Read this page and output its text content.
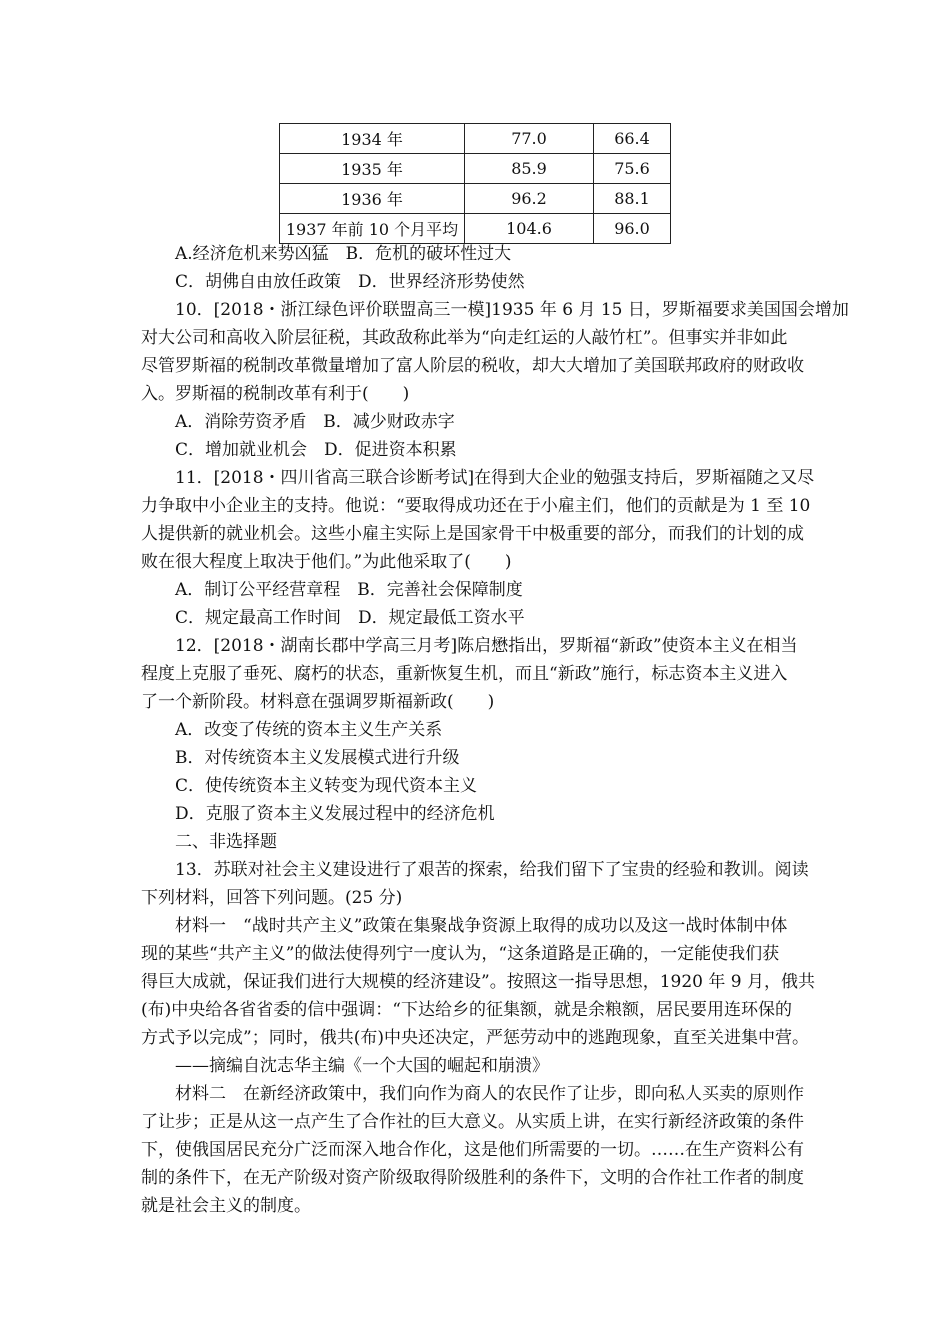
1934 年	77.0	66.4
1935 年	85.9	75.6
1936 年	96.2	88.1
1937 年前 10 个月平均	104.6	96.0
A.经济危机来势凶猛　B．危机的破坏性过大
C．胡佛自由放任政策　D．世界经济形势使然
10．[2018・浙江绿色评价联盟高三一模]1935 年 6 月 15 日，罗斯福要求美国国会增加
对大公司和高收入阶层征税，其政敌称此举为“向走红运的人敲竹杠”。但事实并非如此
尽管罗斯福的税制改革微量增加了富人阶层的税收，却大大增加了美国联邦政府的财政收
入。罗斯福的税制改革有利于(　　)
A．消除劳资矛盾　B．减少财政赤字
C．增加就业机会　D．促进资本积累
11．[2018・四川省高三联合诊断考试]在得到大企业的勉强支持后，罗斯福随之又尽
力争取中小企业主的支持。他说：“要取得成功还在于小雇主们，他们的贡献是为 1 至 10
人提供新的就业机会。这些小雇主实际上是国家骨干中极重要的部分，而我们的计划的成
败在很大程度上取决于他们。”为此他采取了(　　)
A．制订公平经营章程　B．完善社会保障制度
C．规定最高工作时间　D．规定最低工资水平
12．[2018・湖南长郡中学高三月考]陈启懋指出，罗斯福“新政”使资本主义在相当
程度上克服了垂死、腐朽的状态，重新恢复生机，而且“新政”施行，标志资本主义进入
了一个新阶段。材料意在强调罗斯福新政(　　)
A．改变了传统的资本主义生产关系
B．对传统资本主义发展模式进行升级
C．使传统资本主义转变为现代资本主义
D．克服了资本主义发展过程中的经济危机
二、非选择题
13．苏联对社会主义建设进行了艰苦的探索，给我们留下了宝贵的经验和教训。阅读
下列材料，回答下列问题。(25 分)
材料一　“战时共产主义”政策在集聚战争资源上取得的成功以及这一战时体制中体
现的某些“共产主义”的做法使得列宁一度认为，“这条道路是正确的，一定能使我们获
得巨大成就，保证我们进行大规模的经济建设”。按照这一指导思想，1920 年 9 月，俄共
(布)中央给各省省委的信中强调：“下达给乡的征集额，就是余粮额，居民要用连环保的
方式予以完成”；同时，俄共(布)中央还决定，严惩劳动中的逃跑现象，直至关进集中营。
——摘编自沈志华主编《一个大国的崛起和崩溃》
材料二　在新经济政策中，我们向作为商人的农民作了让步，即向私人买卖的原则作
了让步；正是从这一点产生了合作社的巨大意义。从实质上讲，在实行新经济政策的条件
下，使俄国居民充分广泛而深入地合作化，这是他们所需要的一切。……在生产资料公有
制的条件下，在无产阶级对资产阶级取得阶级胜利的条件下，文明的合作社工作者的制度
就是社会主义的制度。
